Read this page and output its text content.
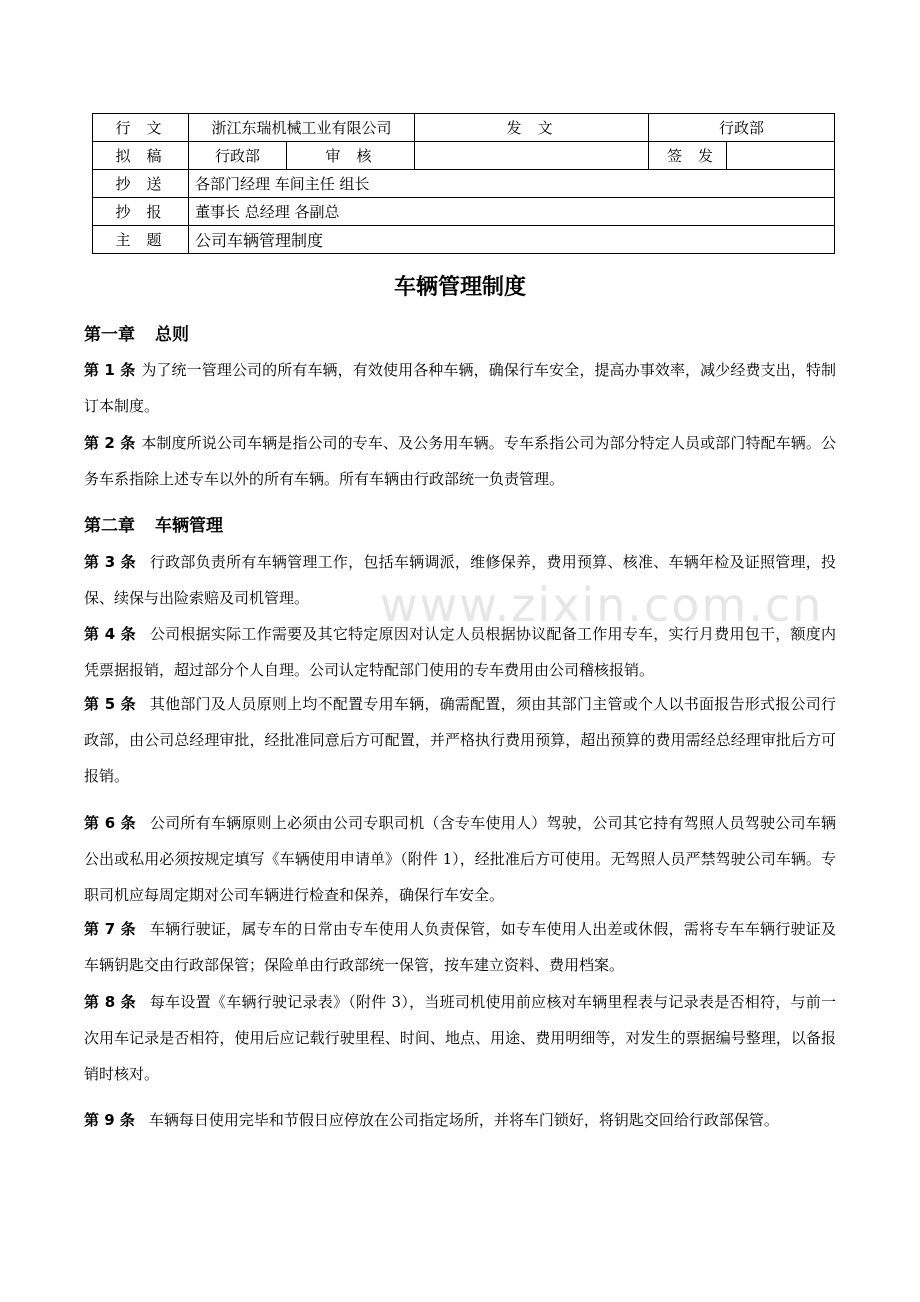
www.zixin.com.cn
行文	浙江东瑞机械工业有限公司		发文	行政部	
拟稿	行政部	审核		签发	
抄送	各部门经理 车间主任 组长				
抄报	董事长 总经理 各副总				
主题	公司车辆管理制度				
车辆管理制度
第一章 总则
第 1 条 为了统一管理公司的所有车辆，有效使用各种车辆，确保行车安全，提高办事效率，减少经费支出，特制订本制度。
第 2 条 本制度所说公司车辆是指公司的专车、及公务用车辆。专车系指公司为部分特定人员或部门特配车辆。公务车系指除上述专车以外的所有车辆。所有车辆由行政部统一负责管理。
第二章 车辆管理
第 3 条 行政部负责所有车辆管理工作，包括车辆调派，维修保养，费用预算、核准、车辆年检及证照管理，投保、续保与出险索赔及司机管理。
第 4 条 公司根据实际工作需要及其它特定原因对认定人员根据协议配备工作用专车，实行月费用包干，额度内凭票据报销，超过部分个人自理。公司认定特配部门使用的专车费用由公司稽核报销。
第 5 条 其他部门及人员原则上均不配置专用车辆，确需配置，须由其部门主管或个人以书面报告形式报公司行政部，由公司总经理审批，经批准同意后方可配置，并严格执行费用预算，超出预算的费用需经总经理审批后方可报销。
第 6 条 公司所有车辆原则上必须由公司专职司机（含专车使用人）驾驶，公司其它持有驾照人员驾驶公司车辆公出或私用必须按规定填写《车辆使用申请单》（附件 1），经批准后方可使用。无驾照人员严禁驾驶公司车辆。专职司机应每周定期对公司车辆进行检查和保养，确保行车安全。
第 7 条 车辆行驶证，属专车的日常由专车使用人负责保管，如专车使用人出差或休假，需将专车车辆行驶证及车辆钥匙交由行政部保管；保险单由行政部统一保管，按车建立资料、费用档案。
第 8 条 每车设置《车辆行驶记录表》（附件 3），当班司机使用前应核对车辆里程表与记录表是否相符，与前一次用车记录是否相符，使用后应记载行驶里程、时间、地点、用途、费用明细等，对发生的票据编号整理，以备报销时核对。
第 9 条 车辆每日使用完毕和节假日应停放在公司指定场所，并将车门锁好，将钥匙交回给行政部保管。
